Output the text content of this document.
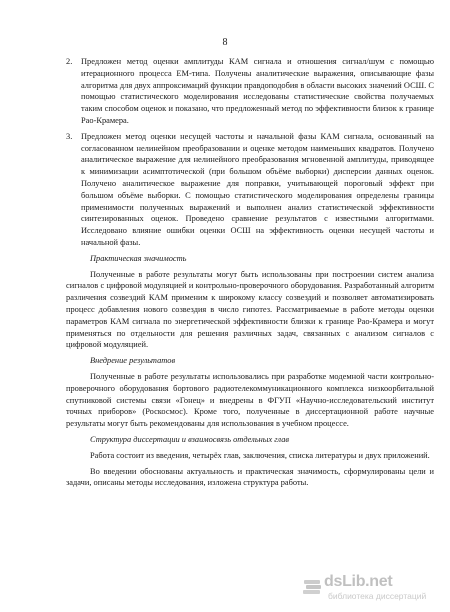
8
2.	Предложен метод оценки амплитуды КАМ сигнала и отношения сигнал/шум с помощью итерационного процесса EM-типа. Получены аналитические выражения, описывающие фазы алгоритма для двух аппроксимаций функции правдоподобия в области высоких значений ОСШ. С помощью статистического моделирования исследованы статистические свойства получаемых таким способом оценок и показано, что предложенный метод по эффективности близок к границе Рао-Крамера.
3.	Предложен метод оценки несущей частоты и начальной фазы КАМ сигнала, основанный на согласованном нелинейном преобразовании и оценке методом наименьших квадратов. Получено аналитическое выражение для нелинейного преобразования мгновенной амплитуды, приводящее к минимизации асимптотической (при большом объёме выборки) дисперсии данных оценок. Получено аналитическое выражение для поправки, учитывающей пороговый эффект при большом объёме выборки. С помощью статистического моделирования определены границы применимости полученных выражений и выполнен анализ статистической эффективности синтезированных оценок. Проведено сравнение результатов с известными алгоритмами. Исследовано влияние ошибки оценки ОСШ на эффективность оценки несущей частоты и начальной фазы.
Практическая значимость
Полученные в работе результаты могут быть использованы при построении систем анализа сигналов с цифровой модуляцией и контрольно-проверочного оборудования. Разработанный алгоритм различения созвездий КАМ применим к широкому классу созвездий и позволяет автоматизировать процесс добавления нового созвездия в число гипотез. Рассматриваемые в работе методы оценки параметров КАМ сигнала по энергетической эффективности близки к границе Рао-Крамера и могут применяться по отдельности для решения различных задач, связанных с анализом сигналов с цифровой модуляцией.
Внедрение результатов
Полученные в работе результаты использовались при разработке модемной части контрольно-проверочного оборудования бортового радиотелекоммуникационного комплекса низкоорбитальной спутниковой системы связи «Гонец» и внедрены в ФГУП «Научно-исследовательский институт точных приборов» (Роскосмос). Кроме того, полученные в диссертационной работе научные результаты могут быть рекомендованы для использования в учебном процессе.
Структура диссертации и взаимосвязь отдельных глав
Работа состоит из введения, четырёх глав, заключения, списка литературы и двух приложений.
Во введении обоснованы актуальность и практическая значимость, сформулированы цели и задачи, описаны методы исследования, изложена структура работы.
dsLib.net
библиотека диссертаций
